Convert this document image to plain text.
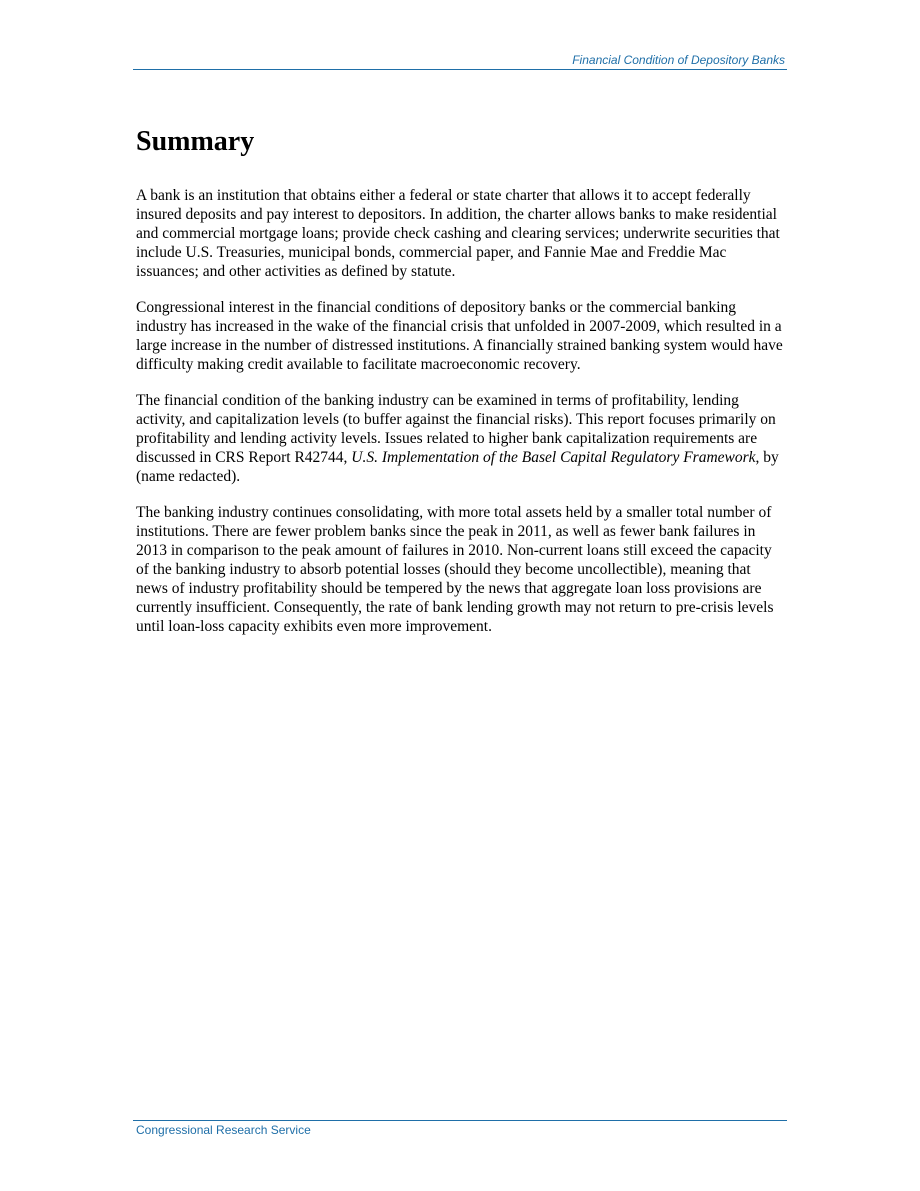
Financial Condition of Depository Banks
Summary

A bank is an institution that obtains either a federal or state charter that allows it to accept federally insured deposits and pay interest to depositors. In addition, the charter allows banks to make residential and commercial mortgage loans; provide check cashing and clearing services; underwrite securities that include U.S. Treasuries, municipal bonds, commercial paper, and Fannie Mae and Freddie Mac issuances; and other activities as defined by statute.

Congressional interest in the financial conditions of depository banks or the commercial banking industry has increased in the wake of the financial crisis that unfolded in 2007-2009, which resulted in a large increase in the number of distressed institutions. A financially strained banking system would have difficulty making credit available to facilitate macroeconomic recovery.

The financial condition of the banking industry can be examined in terms of profitability, lending activity, and capitalization levels (to buffer against the financial risks). This report focuses primarily on profitability and lending activity levels. Issues related to higher bank capitalization requirements are discussed in CRS Report R42744, U.S. Implementation of the Basel Capital Regulatory Framework, by (name redacted).

The banking industry continues consolidating, with more total assets held by a smaller total number of institutions. There are fewer problem banks since the peak in 2011, as well as fewer bank failures in 2013 in comparison to the peak amount of failures in 2010. Non-current loans still exceed the capacity of the banking industry to absorb potential losses (should they become uncollectible), meaning that news of industry profitability should be tempered by the news that aggregate loan loss provisions are currently insufficient. Consequently, the rate of bank lending growth may not return to pre-crisis levels until loan-loss capacity exhibits even more improvement.

Congressional Research Service
